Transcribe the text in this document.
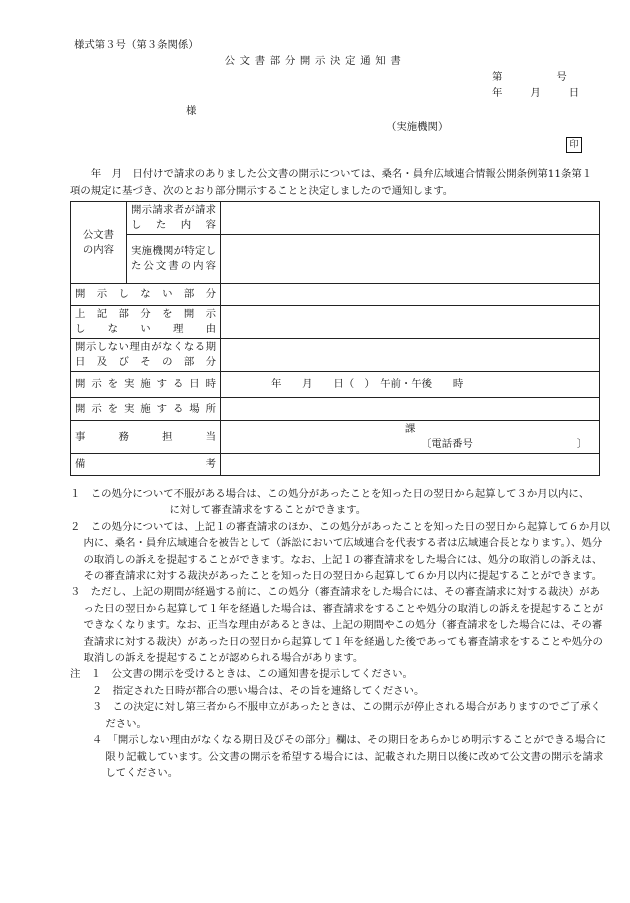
様式第３号（第３条関係）
公文書部分開示決定通知書
第	号
年	月	日
様
（実施機関）
印

年　月　日付けで請求のありました公文書の開示については、桑名・員弁広域連合情報公開条例第11条第１項の規定に基づき、次のとおり部分開示することと決定しましたので通知します。

公文書の内容	開示請求者が請求した内容	
	実施機関が特定した公文書の内容	
開示しない部分		

上記部分を開示
しない理由		

開示しない理由がなくなる期日及びその部分		
開示を実施する日時		年　　月　　日（　）　午前・午後　　時
開示を実施する場所		
事務担当		課
〔電話番号　　　　　　　　　　〕

備考		

１　この処分について不服がある場合は、この処分があったことを知った日の翌日から起算して３か月以内に、に対して審査請求をすることができます。

２　この処分については、上記１の審査請求のほか、この処分があったことを知った日の翌日から起算して６か月以内に、桑名・員弁広域連合を被告として（訴訟において広域連合を代表する者は広域連合長となります。）、処分の取消しの訴えを提起することができます。なお、上記１の審査請求をした場合には、処分の取消しの訴えは、その審査請求に対する裁決があったことを知った日の翌日から起算して６か月以内に提起することができます。

３　ただし、上記の期間が経過する前に、この処分（審査請求をした場合には、その審査請求に対する裁決）があった日の翌日から起算して１年を経過した場合は、審査請求をすることや処分の取消しの訴えを提起することができなくなります。なお、正当な理由があるときは、上記の期間やこの処分（審査請求をした場合には、その審査請求に対する裁決）があった日の翌日から起算して１年を経過した後であっても審査請求をすることや処分の取消しの訴えを提起することが認められる場合があります。

注　１　公文書の開示を受けるときは、この通知書を提示してください。

２　指定された日時が都合の悪い場合は、その旨を連絡してください。

３　この決定に対し第三者から不服申立があったときは、この開示が停止される場合がありますのでご了承ください。

４　「開示しない理由がなくなる期日及びその部分」欄は、その期日をあらかじめ明示することができる場合に限り記載しています。公文書の開示を希望する場合には、記載された期日以後に改めて公文書の開示を請求してください。
